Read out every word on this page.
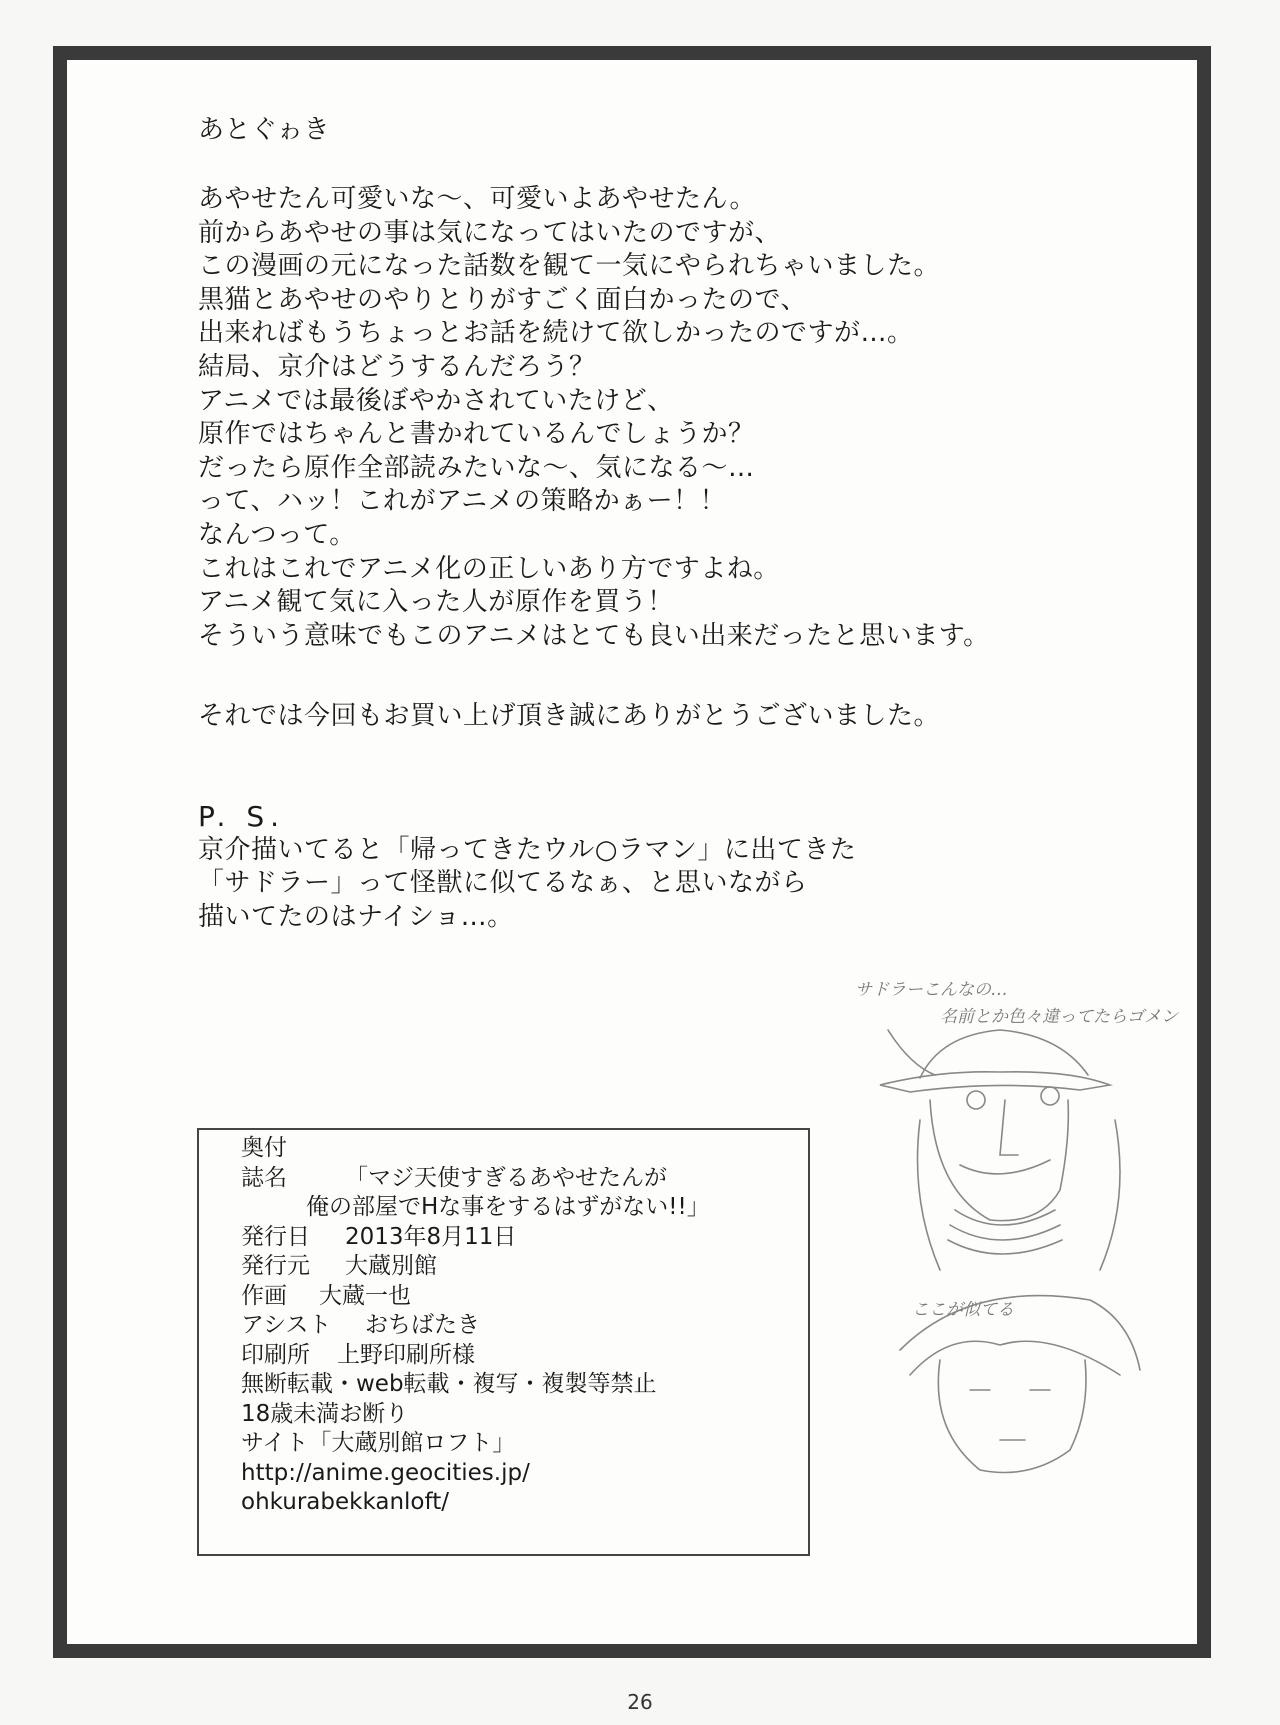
あとぐゎき
あやせたん可愛いな～、可愛いよあやせたん。
前からあやせの事は気になってはいたのですが、
この漫画の元になった話数を観て一気にやられちゃいました。
黒猫とあやせのやりとりがすごく面白かったので、
出来ればもうちょっとお話を続けて欲しかったのですが…。
結局、京介はどうするんだろう？
アニメでは最後ぼやかされていたけど、
原作ではちゃんと書かれているんでしょうか？
だったら原作全部読みたいな～、気になる～…
って、ハッ！これがアニメの策略かぁー！！
なんつって。
これはこれでアニメ化の正しいあり方ですよね。
アニメ観て気に入った人が原作を買う！
そういう意味でもこのアニメはとても良い出来だったと思います。
それでは今回もお買い上げ頂き誠にありがとうございました。
P. S.
京介描いてると「帰ってきたウル○ラマン」に出てきた
「サドラー」って怪獣に似てるなぁ、と思いながら
描いてたのはナイショ…。
サドラーこんなの…
名前とか色々違ってたらゴメン
ここが似てる
奥付
誌名	「マジ天使すぎるあやせたんが
俺の部屋でHな事をするはずがない!!」
発行日 2013年8月11日
発行元 大蔵別館
作画 大蔵一也
アシスト おちばたき
印刷所 上野印刷所様
無断転載・web転載・複写・複製等禁止
18歳未満お断り
サイト「大蔵別館ロフト」
http://anime.geocities.jp/
ohkurabekkanloft/
26
